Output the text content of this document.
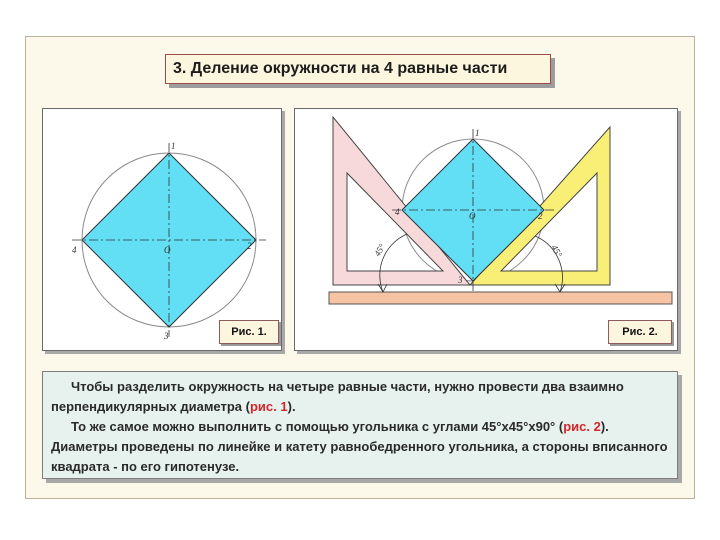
3. Деление окружности на 4 равные части
1
2
3
4	O
Рис. 1.
45°	45°
1
2
3
4	O
Рис. 2.

Чтобы разделить окружность на четыре равные части, нужно провести два взаимно перпендикулярных диаметра (рис. 1).

То же самое можно выполнить с помощью угольника с углами 45°х45°х90° (рис. 2). Диаметры проведены по линейке и катету равнобедренного угольника, а стороны вписанного квадрата - по его гипотенузе.
